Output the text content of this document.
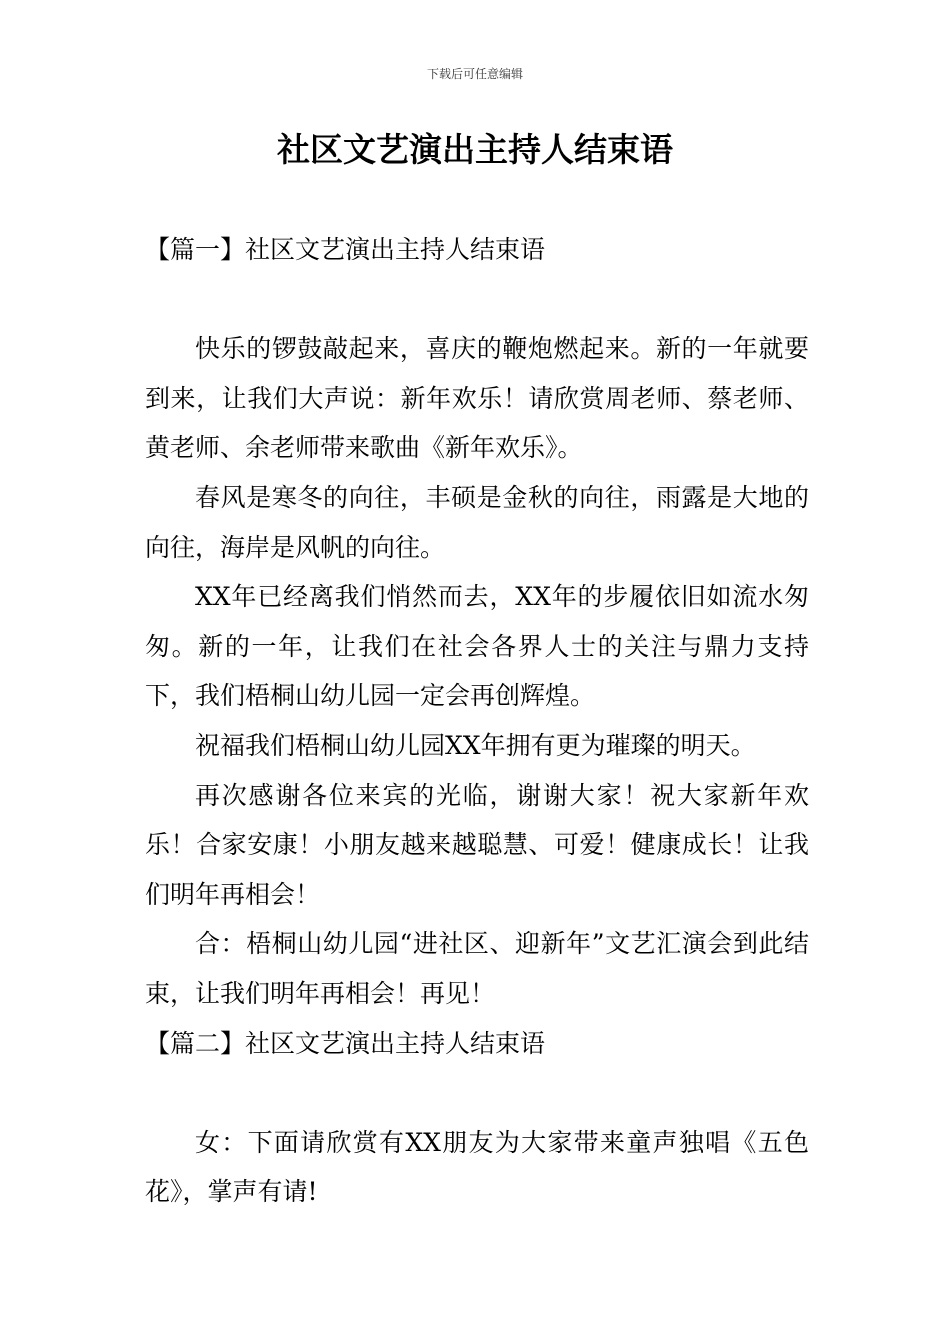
下载后可任意编辑
社区文艺演出主持人结束语
【篇一】社区文艺演出主持人结束语

快乐的锣鼓敲起来，喜庆的鞭炮燃起来。新的一年就要到来，让我们大声说：新年欢乐！请欣赏周老师、蔡老师、黄老师、余老师带来歌曲《新年欢乐》。

春风是寒冬的向往，丰硕是金秋的向往，雨露是大地的向往，海岸是风帆的向往。

XX年已经离我们悄然而去，XX年的步履依旧如流水匆匆。新的一年，让我们在社会各界人士的关注与鼎力支持下，我们梧桐山幼儿园一定会再创辉煌。

祝福我们梧桐山幼儿园XX年拥有更为璀璨的明天。

再次感谢各位来宾的光临，谢谢大家！祝大家新年欢乐！合家安康！小朋友越来越聪慧、可爱！健康成长！让我们明年再相会！

合：梧桐山幼儿园“进社区、迎新年”文艺汇演会到此结束，让我们明年再相会！再见！

【篇二】社区文艺演出主持人结束语

女：下面请欣赏有XX朋友为大家带来童声独唱《五色花》，掌声有请!
